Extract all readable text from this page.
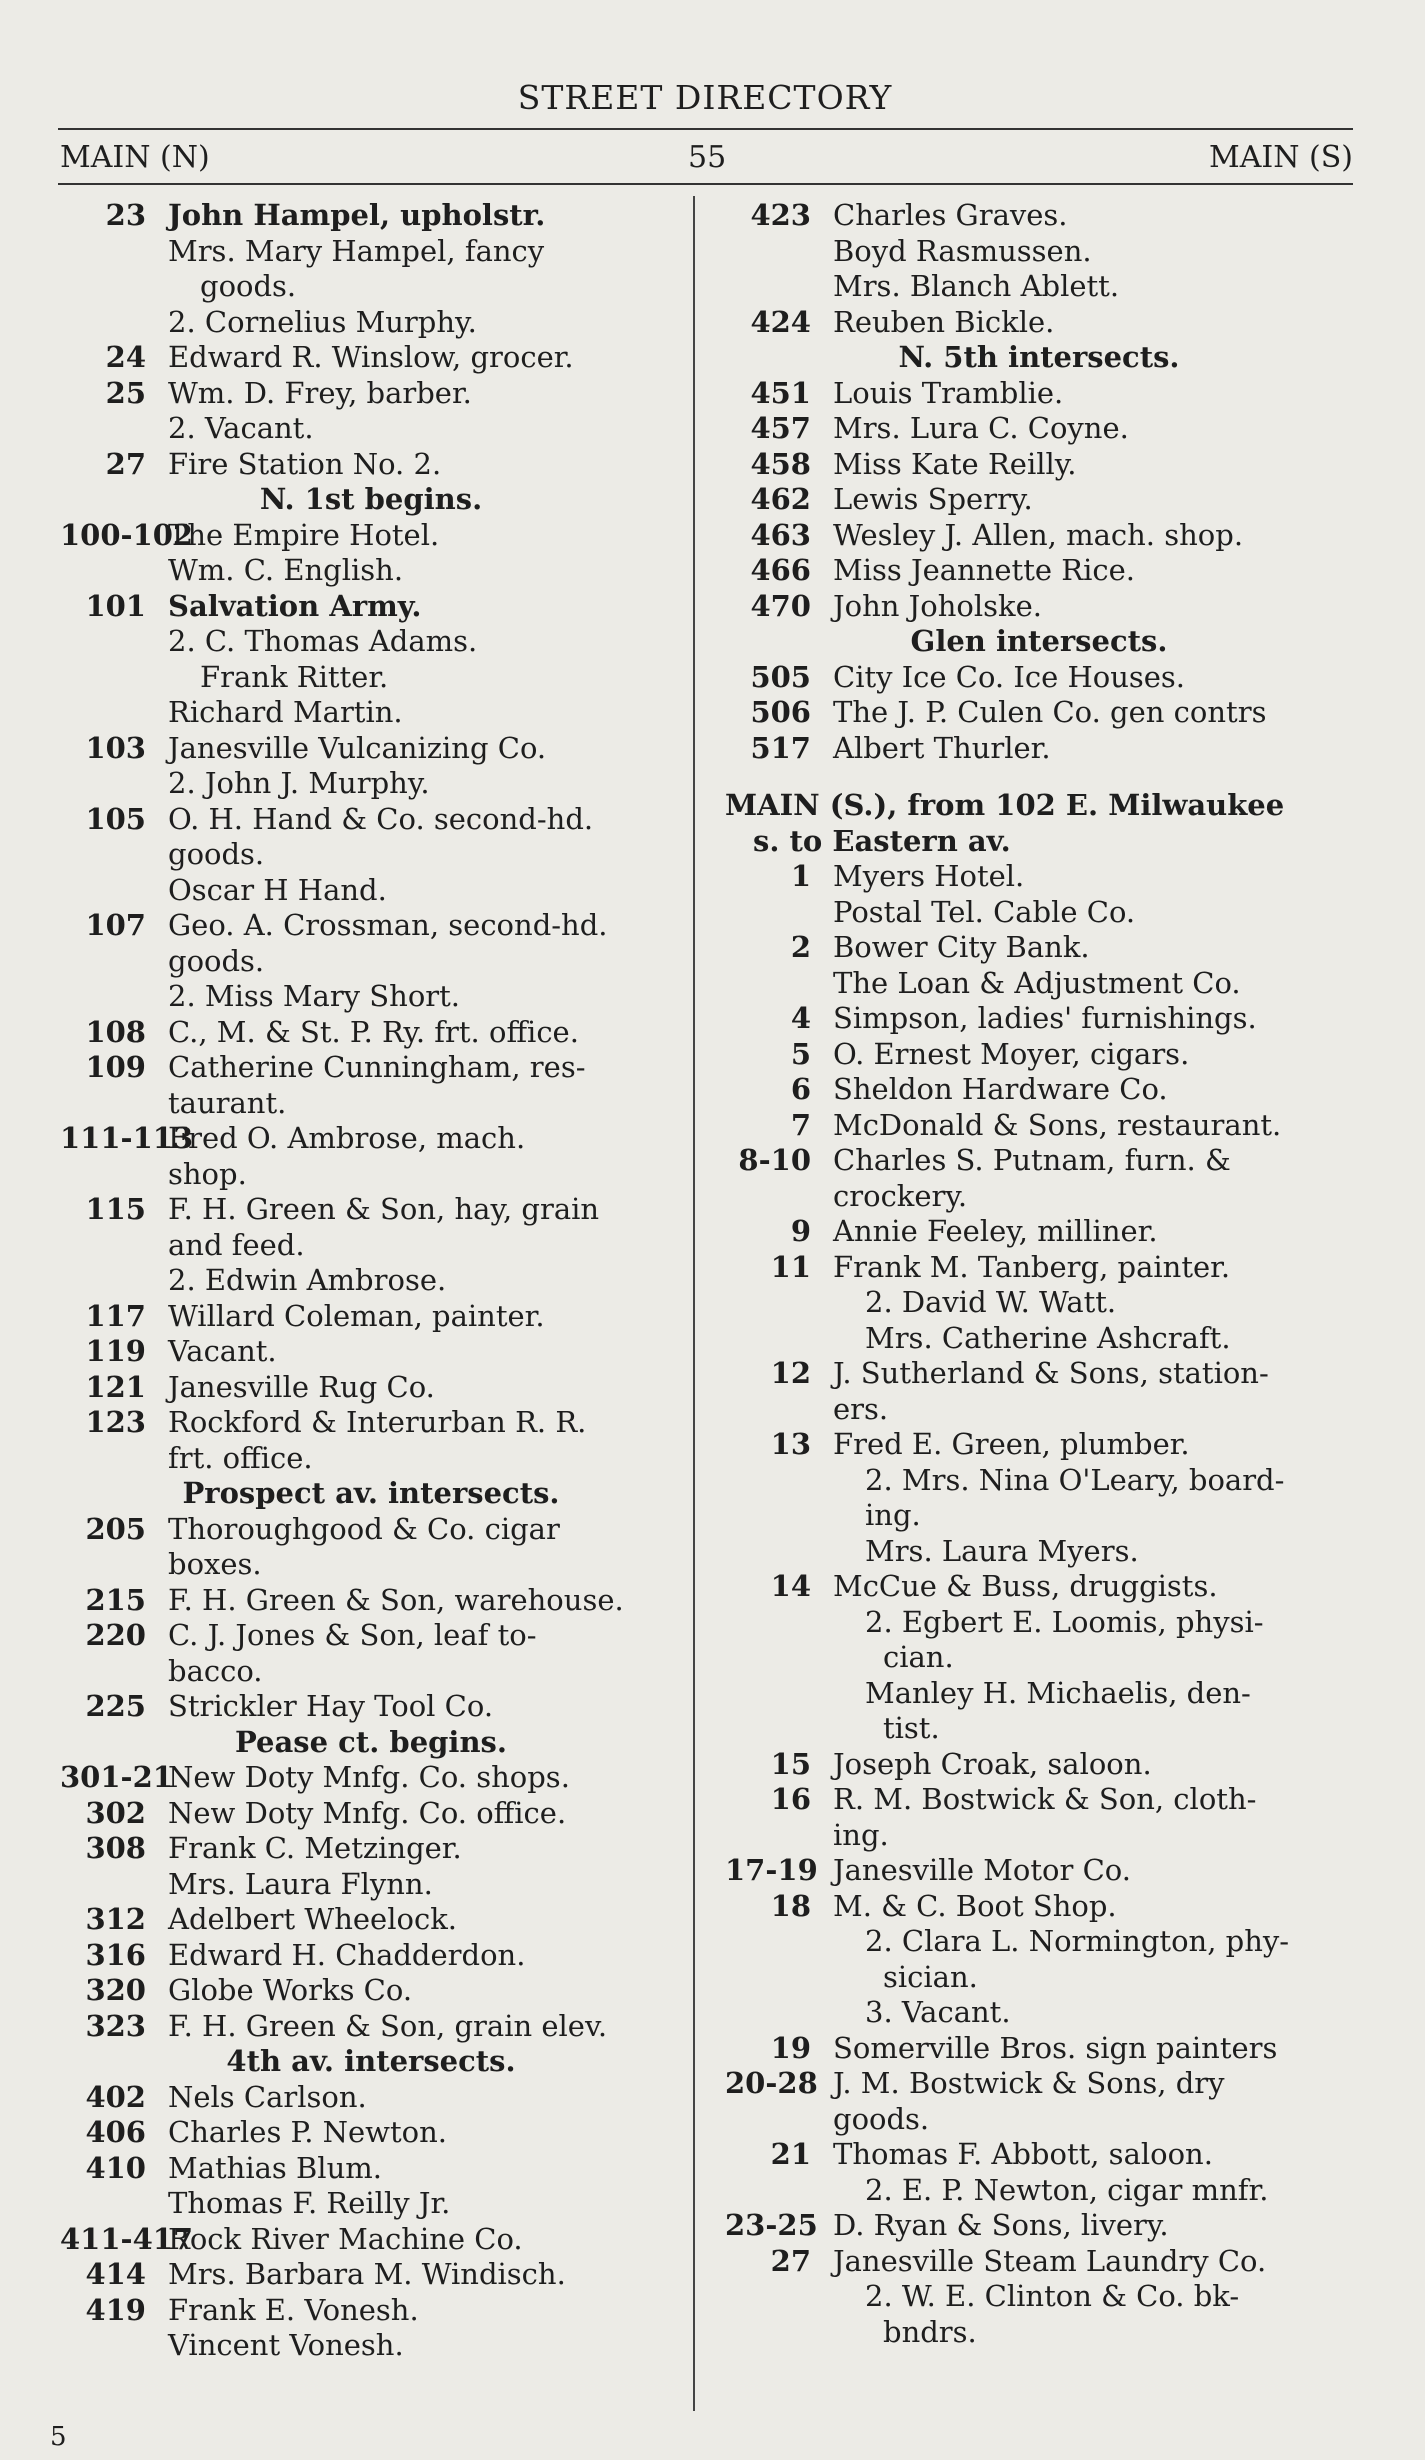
STREET DIRECTORY
MAIN (N)	55	MAIN (S)
23 John Hampel, upholstr.
Mrs. Mary Hampel, fancy
goods.
2. Cornelius Murphy.
24 Edward R. Winslow, grocer.
25 Wm. D. Frey, barber.
2. Vacant.
27 Fire Station No. 2.
N. 1st begins.
100-102
The Empire Hotel.
Wm. C. English.
101 Salvation Army.
2. C. Thomas Adams.
Frank Ritter.
Richard Martin.
103 Janesville Vulcanizing Co.
2. John J. Murphy.
105 O. H. Hand & Co. second-hd.
goods.
Oscar H Hand.
107 Geo. A. Crossman, second-hd.
goods.
2. Miss Mary Short.
108 C., M. & St. P. Ry. frt. office.
109 Catherine Cunningham, res-
taurant.
111-113
Fred O. Ambrose, mach.
shop.
115 F. H. Green & Son, hay, grain
and feed.
2. Edwin Ambrose.
117 Willard Coleman, painter.
119 Vacant.
121 Janesville Rug Co.
123 Rockford & Interurban R. R.
frt. office.
Prospect av. intersects.
205 Thoroughgood & Co. cigar
boxes.
215 F. H. Green & Son, warehouse.
220 C. J. Jones & Son, leaf to-
bacco.
225 Strickler Hay Tool Co.
Pease ct. begins.
301-21
New Doty Mnfg. Co. shops.
302 New Doty Mnfg. Co. office.
308 Frank C. Metzinger.
Mrs. Laura Flynn.
312 Adelbert Wheelock.
316 Edward H. Chadderdon.
320 Globe Works Co.
323 F. H. Green & Son, grain elev.
4th av. intersects.
402 Nels Carlson.
406 Charles P. Newton.
410 Mathias Blum.
Thomas F. Reilly Jr.
411-417
Rock River Machine Co.
414 Mrs. Barbara M. Windisch.
419 Frank E. Vonesh.
Vincent Vonesh.
423 Charles Graves.
Boyd Rasmussen.
Mrs. Blanch Ablett.
424 Reuben Bickle.
N. 5th intersects.
451 Louis Tramblie.
457 Mrs. Lura C. Coyne.
458 Miss Kate Reilly.
462 Lewis Sperry.
463 Wesley J. Allen, mach. shop.
466 Miss Jeannette Rice.
470 John Joholske.
Glen intersects.
505 City Ice Co. Ice Houses.
506 The J. P. Culen Co. gen contrs
517 Albert Thurler.
MAIN (S.), from 102 E. Milwaukee
s. to Eastern av.
1 Myers Hotel.
Postal Tel. Cable Co.
2 Bower City Bank.
The Loan & Adjustment Co.
4 Simpson, ladies' furnishings.
5 O. Ernest Moyer, cigars.
6 Sheldon Hardware Co.
7 McDonald & Sons, restaurant.
8-10 Charles S. Putnam, furn. &
crockery.
9 Annie Feeley, milliner.
11 Frank M. Tanberg, painter.
2. David W. Watt.
Mrs. Catherine Ashcraft.
12 J. Sutherland & Sons, station-
ers.
13 Fred E. Green, plumber.
2. Mrs. Nina O'Leary, board-
ing.
Mrs. Laura Myers.
14 McCue & Buss, druggists.
2. Egbert E. Loomis, physi-
cian.
Manley H. Michaelis, den-
tist.
15 Joseph Croak, saloon.
16 R. M. Bostwick & Son, cloth-
ing.
17-19 Janesville Motor Co.
18 M. & C. Boot Shop.
2. Clara L. Normington, phy-
sician.
3. Vacant.
19 Somerville Bros. sign painters
20-28 J. M. Bostwick & Sons, dry
goods.
21 Thomas F. Abbott, saloon.
2. E. P. Newton, cigar mnfr.
23-25 D. Ryan & Sons, livery.
27 Janesville Steam Laundry Co.
2. W. E. Clinton & Co. bk-
bndrs.
5
